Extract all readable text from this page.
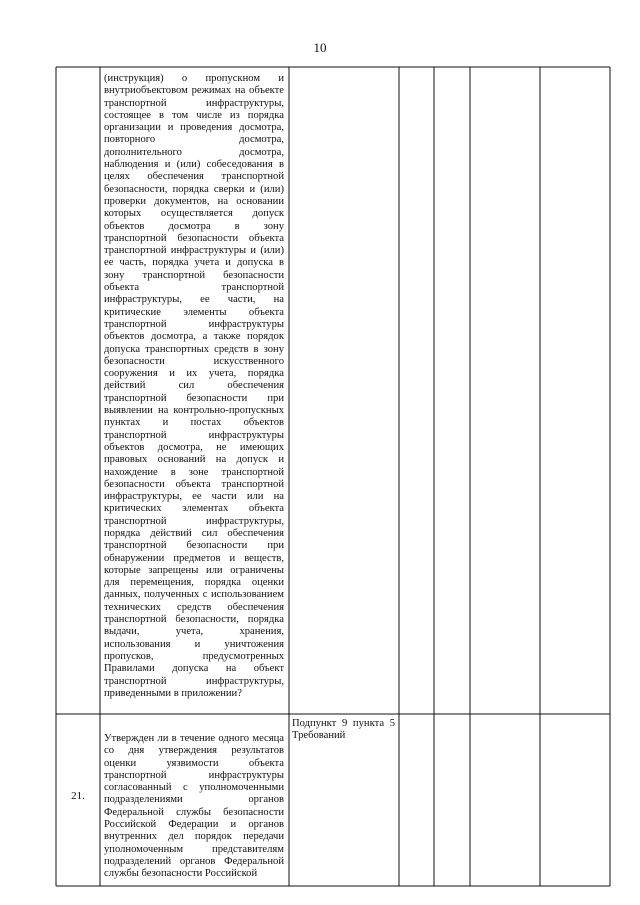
10
(инструкция) о пропускном и
внутриобъектовом режимах на объекте
транспортной инфраструктуры,
состоящее в том числе из порядка
организации и проведения досмотра,
повторного досмотра,
дополнительного досмотра,
наблюдения и (или) собеседования в
целях обеспечения транспортной
безопасности, порядка сверки и (или)
проверки документов, на основании
которых осуществляется допуск
объектов досмотра в зону
транспортной безопасности объекта
транспортной инфраструктуры и (или)
ее часть, порядка учета и допуска в
зону транспортной безопасности
объекта транспортной
инфраструктуры, ее части, на
критические элементы объекта
транспортной инфраструктуры
объектов досмотра, а также порядок
допуска транспортных средств в зону
безопасности искусственного
сооружения и их учета, порядка
действий сил обеспечения
транспортной безопасности при
выявлении на контрольно-пропускных
пунктах и постах объектов
транспортной инфраструктуры
объектов досмотра, не имеющих
правовых оснований на допуск и
нахождение в зоне транспортной
безопасности объекта транспортной
инфраструктуры, ее части или на
критических элементах объекта
транспортной инфраструктуры,
порядка действий сил обеспечения
транспортной безопасности при
обнаружении предметов и веществ,
которые запрещены или ограничены
для перемещения, порядка оценки
данных, полученных с использованием
технических средств обеспечения
транспортной безопасности, порядка
выдачи, учета, хранения,
использования и уничтожения
пропусков, предусмотренных
Правилами допуска на объект
транспортной инфраструктуры,
приведенными в приложении?
21.
Утвержден ли в течение одного месяца
со дня утверждения результатов
оценки уязвимости объекта
транспортной инфраструктуры
согласованный с уполномоченными
подразделениями органов
Федеральной службы безопасности
Российской Федерации и органов
внутренних дел порядок передачи
уполномоченным представителям
подразделений органов Федеральной
службы безопасности Российской
Подпункт 9 пункта 5
Требований
